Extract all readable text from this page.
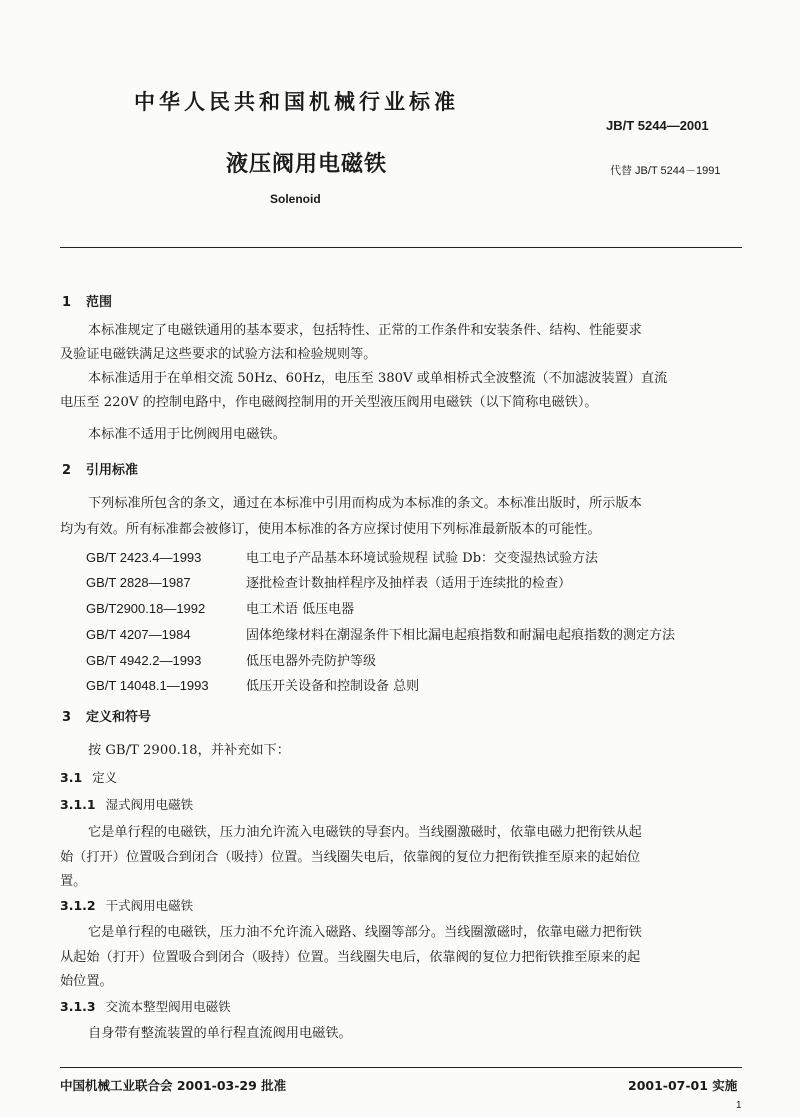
中华人民共和国机械行业标准
JB/T 5244—2001
液压阀用电磁铁	代替 JB/T 5244－1991
Solenoid
1 范围
本标准规定了电磁铁通用的基本要求，包括特性、正常的工作条件和安装条件、结构、性能要求
及验证电磁铁满足这些要求的试验方法和检验规则等。
本标准适用于在单相交流 50Hz、60Hz，电压至 380V 或单相桥式全波整流（不加滤波装置）直流
电压至 220V 的控制电路中，作电磁阀控制用的开关型液压阀用电磁铁（以下简称电磁铁）。
本标准不适用于比例阀用电磁铁。
2 引用标准
下列标准所包含的条文，通过在本标准中引用而构成为本标准的条文。本标准出版时，所示版本
均为有效。所有标准都会被修订，使用本标准的各方应探讨使用下列标准最新版本的可能性。
GB/T 2423.4—1993	电工电子产品基本环境试验规程 试验 Db：交变湿热试验方法
GB/T 2828—1987	逐批检查计数抽样程序及抽样表（适用于连续批的检查）
GB/T2900.18—1992	电工术语 低压电器
GB/T 4207—1984	固体绝缘材料在潮湿条件下相比漏电起痕指数和耐漏电起痕指数的测定方法
GB/T 4942.2—1993	低压电器外壳防护等级
GB/T 14048.1—1993	低压开关设备和控制设备 总则
3 定义和符号
按 GB/T 2900.18，并补充如下：
3.1 定义
3.1.1 湿式阀用电磁铁
它是单行程的电磁铁，压力油允许流入电磁铁的导套内。当线圈激磁时，依靠电磁力把衔铁从起
始（打开）位置吸合到闭合（吸持）位置。当线圈失电后，依靠阀的复位力把衔铁推至原来的起始位
置。
3.1.2 干式阀用电磁铁
它是单行程的电磁铁，压力油不允许流入磁路、线圈等部分。当线圈激磁时，依靠电磁力把衔铁
从起始（打开）位置吸合到闭合（吸持）位置。当线圈失电后，依靠阀的复位力把衔铁推至原来的起
始位置。
3.1.3 交流本整型阀用电磁铁
自身带有整流装置的单行程直流阀用电磁铁。
中国机械工业联合会 2001-03-29 批准	2001-07-01 实施
1
